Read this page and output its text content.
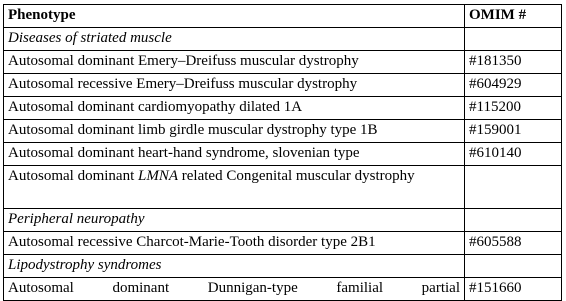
Phenotype	OMIM #
Diseases of striated muscle	
Autosomal dominant Emery–Dreifuss muscular dystrophy	#181350
Autosomal recessive Emery–Dreifuss muscular dystrophy	#604929
Autosomal dominant cardiomyopathy dilated 1A	#115200
Autosomal dominant limb girdle muscular dystrophy type 1B	#159001
Autosomal dominant heart-hand syndrome, slovenian type	#610140
Autosomal dominant LMNA related Congenital muscular dystrophy	
Peripheral neuropathy	
Autosomal recessive Charcot-Marie-Tooth disorder type 2B1	#605588
Lipodystrophy syndromes	
Autosomal dominant Dunnigan-type familial partial	#151660
